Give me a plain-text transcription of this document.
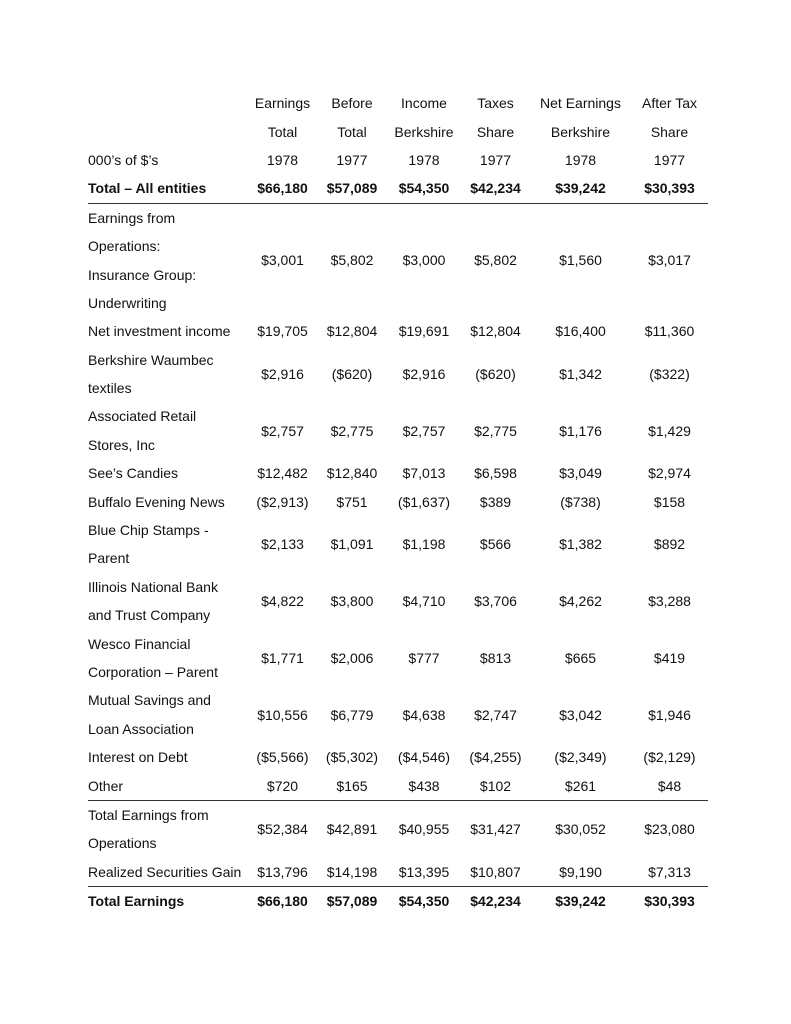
	Earnings	Before	Income	Taxes	Net Earnings	After Tax
	Total	Total	Berkshire	Share	Berkshire	Share
000’s of $’s	1978	1977	1978	1977	1978	1977
Total – All entities	$66,180	$57,089	$54,350	$42,234	$39,242	$30,393
Earnings from	$3,001	$5,802	$3,000	$5,802	$1,560	$3,017
Operations:						
Insurance Group:						
Underwriting						
Net investment income	$19,705	$12,804	$19,691	$12,804	$16,400	$11,360
Berkshire Waumbec	$2,916	($620)	$2,916	($620)	$1,342	($322)
textiles						
Associated Retail	$2,757	$2,775	$2,757	$2,775	$1,176	$1,429
Stores, Inc						
See’s Candies	$12,482	$12,840	$7,013	$6,598	$3,049	$2,974
Buffalo Evening News	($2,913)	$751	($1,637)	$389	($738)	$158
Blue Chip Stamps -	$2,133	$1,091	$1,198	$566	$1,382	$892
Parent						
Illinois National Bank	$4,822	$3,800	$4,710	$3,706	$4,262	$3,288
and Trust Company						
Wesco Financial	$1,771	$2,006	$777	$813	$665	$419
Corporation – Parent						
Mutual Savings and	$10,556	$6,779	$4,638	$2,747	$3,042	$1,946
Loan Association						
Interest on Debt	($5,566)	($5,302)	($4,546)	($4,255)	($2,349)	($2,129)
Other	$720	$165	$438	$102	$261	$48
Total Earnings from	$52,384	$42,891	$40,955	$31,427	$30,052	$23,080
Operations						
Realized Securities Gain	$13,796	$14,198	$13,395	$10,807	$9,190	$7,313
Total Earnings	$66,180	$57,089	$54,350	$42,234	$39,242	$30,393
